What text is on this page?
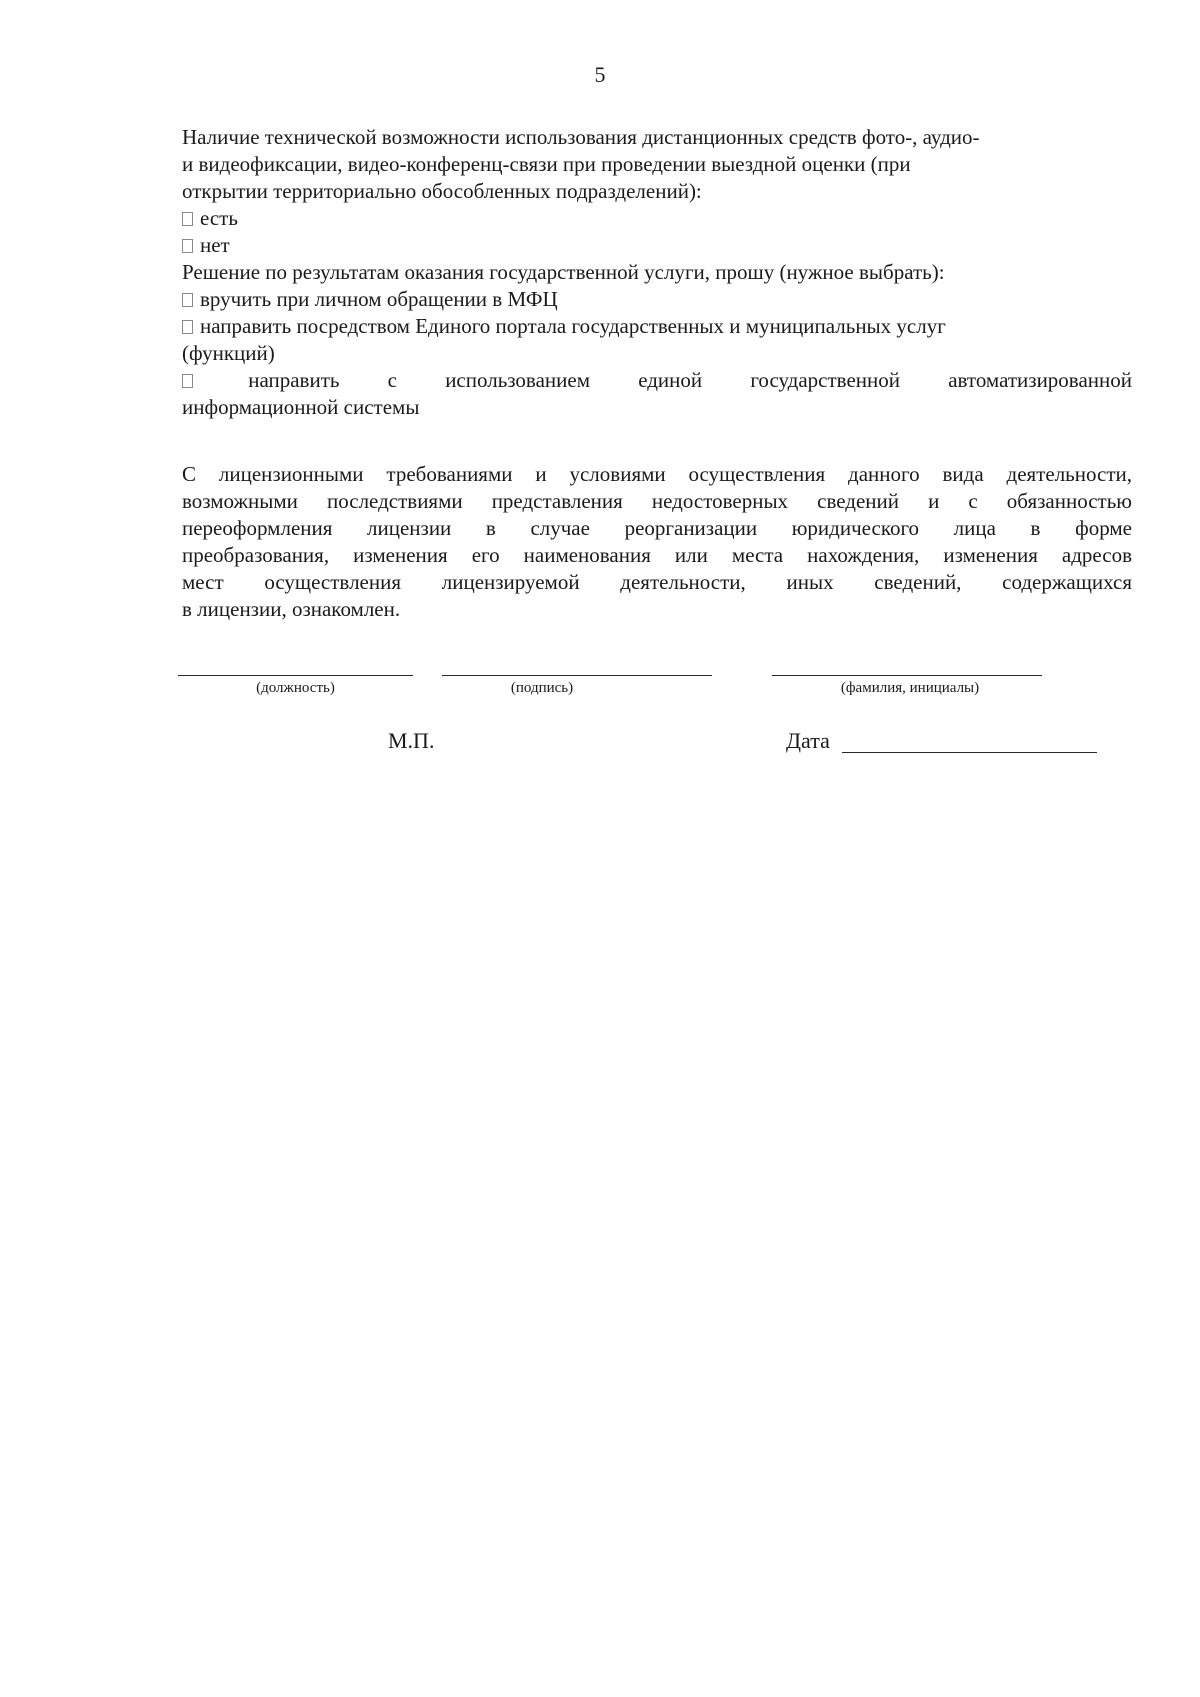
5
Наличие технической возможности использования дистанционных средств фото-, аудио-
и видеофиксации, видео-конференц-связи при проведении выездной оценки (при
открытии территориально обособленных подразделений):
есть
нет
Решение по результатам оказания государственной услуги, прошу (нужное выбрать):
вручить при личном обращении в МФЦ
направить посредством Единого портала государственных и муниципальных услуг
(функций)
направить с использованием единой государственной автоматизированной
информационной системы
С лицензионными требованиями и условиями осуществления данного вида деятельности,
возможными последствиями представления недостоверных сведений и с обязанностью
переоформления лицензии в случае реорганизации юридического лица в форме
преобразования, изменения его наименования или места нахождения, изменения адресов
мест осуществления лицензируемой деятельности, иных сведений, содержащихся
в лицензии, ознакомлен.
(должность)	(подпись)	(фамилия, инициалы)
М.П.	Дата
